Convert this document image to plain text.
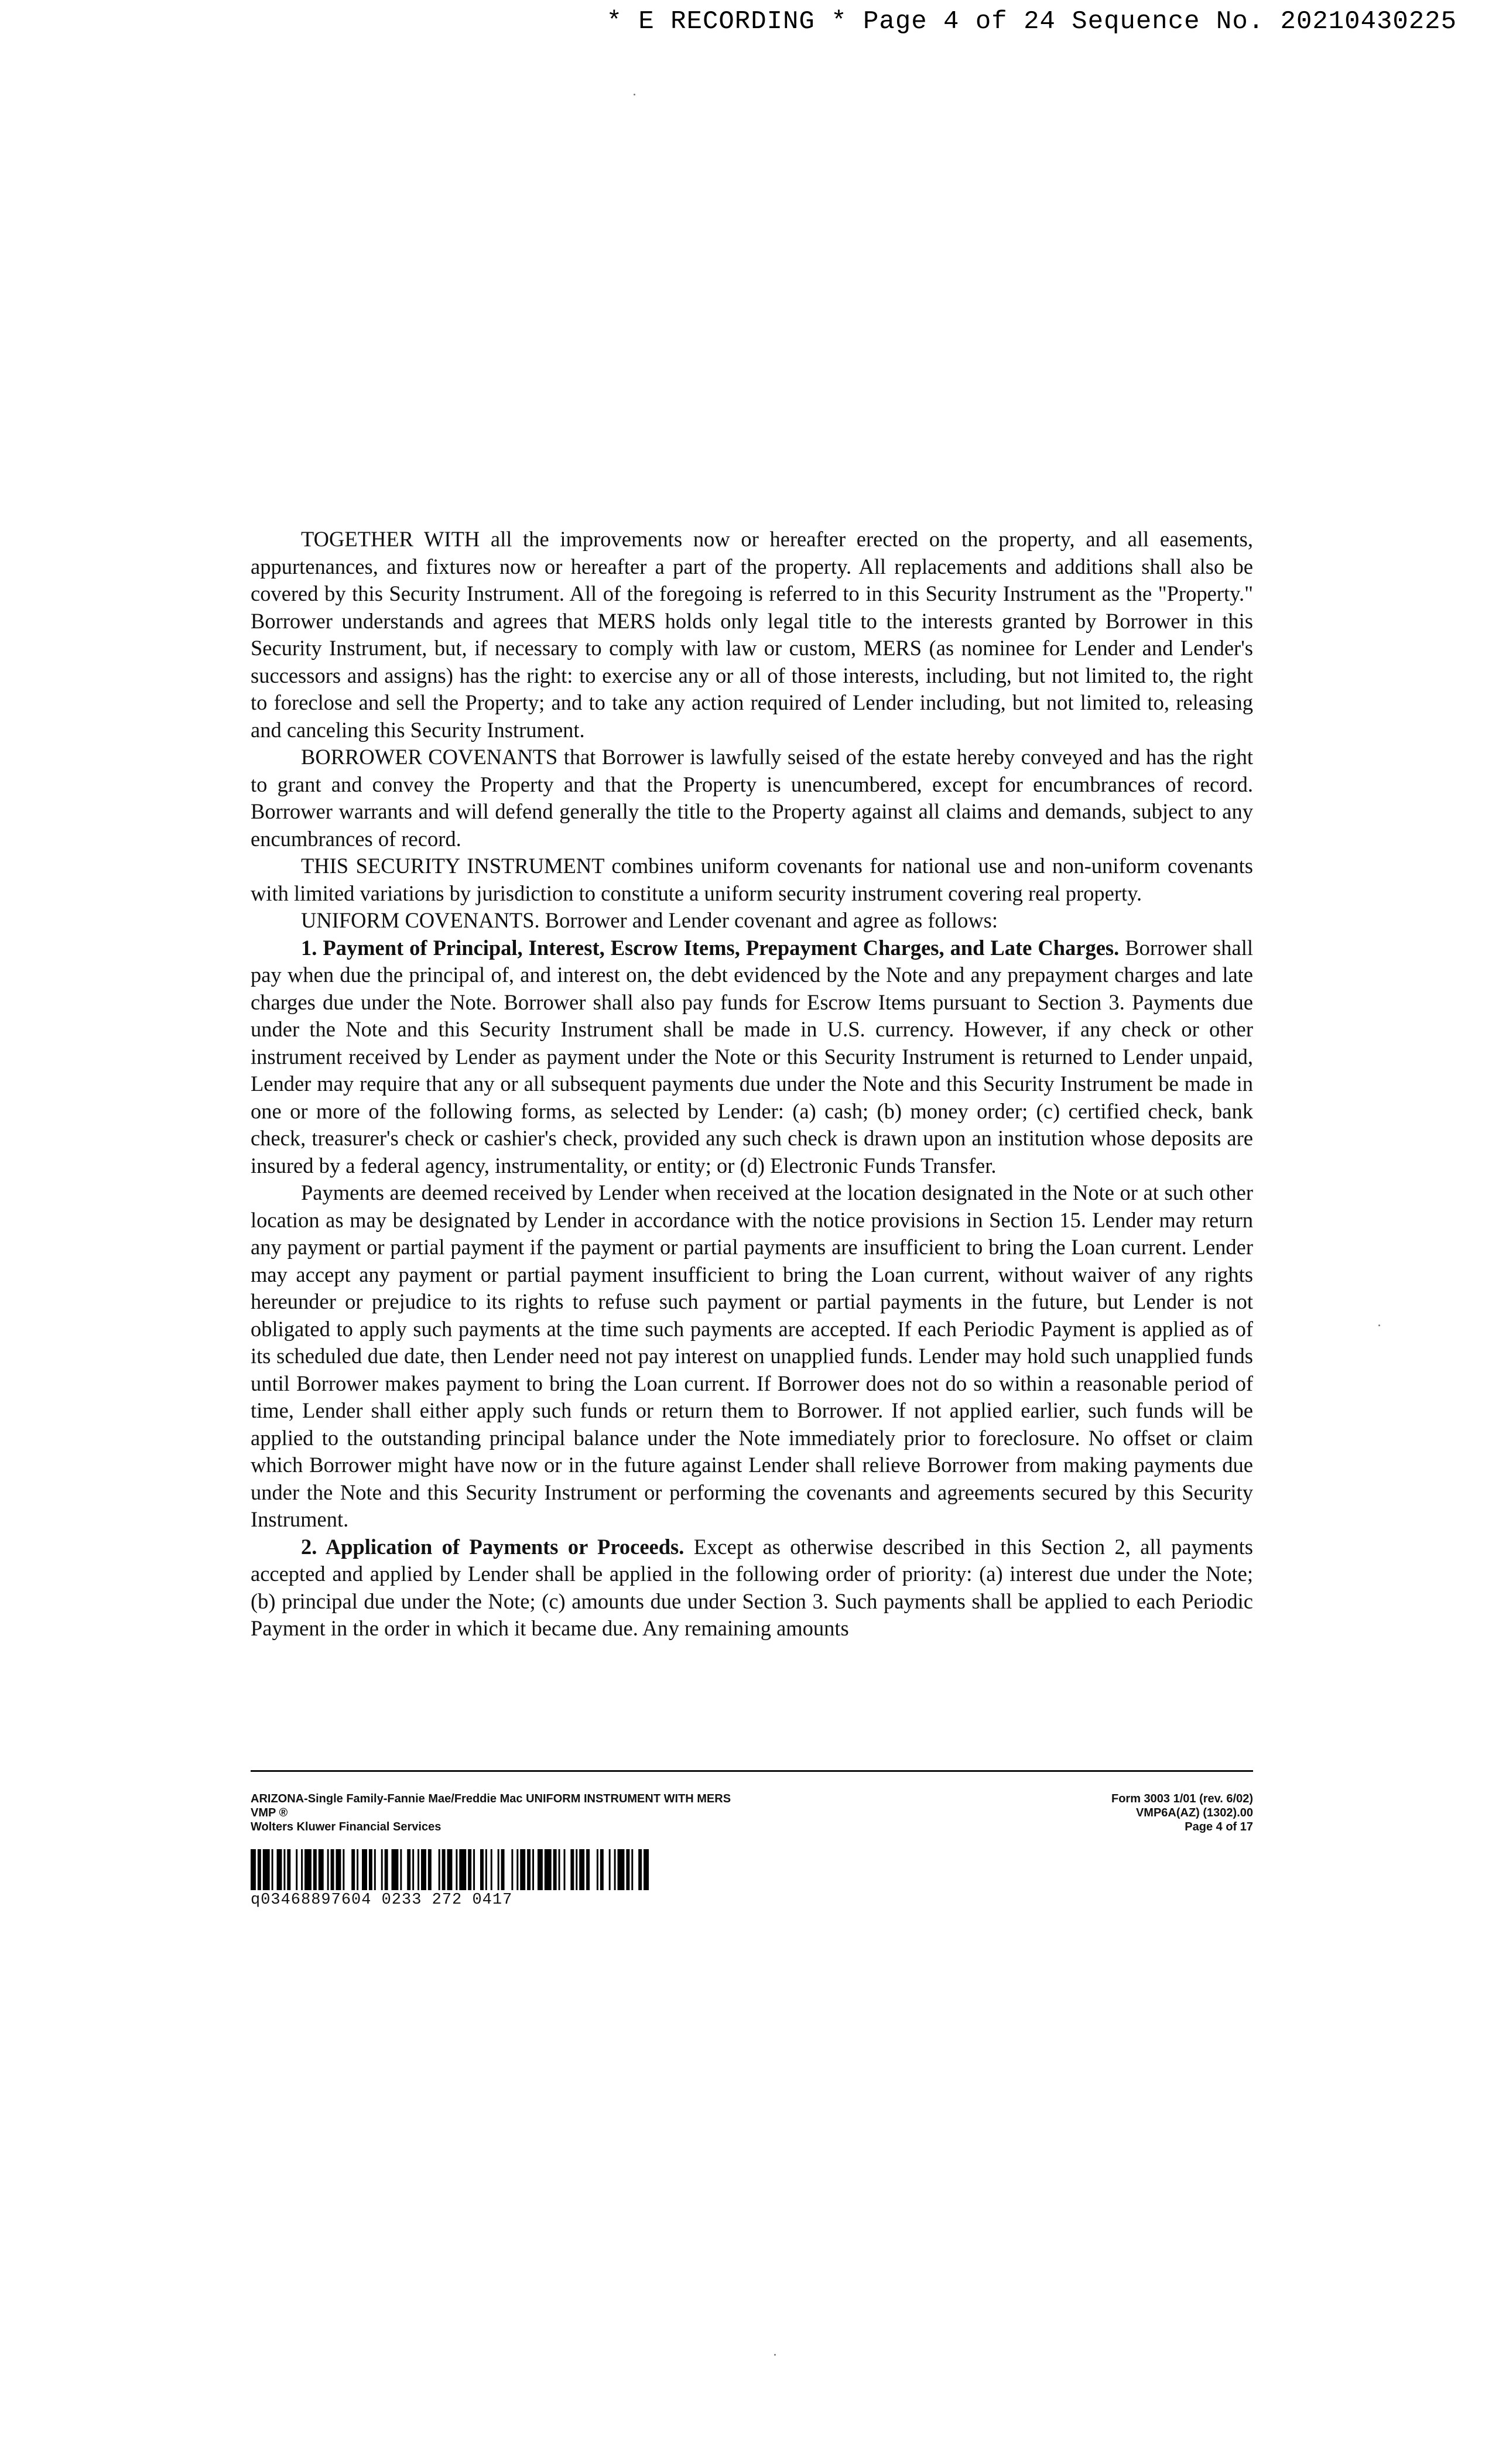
* E RECORDING * Page 4 of 24 Sequence No. 20210430225

TOGETHER WITH all the improvements now or hereafter erected on the property, and all easements, appurtenances, and fixtures now or hereafter a part of the property. All replacements and additions shall also be covered by this Security Instrument. All of the foregoing is referred to in this Security Instrument as the "Property." Borrower understands and agrees that MERS holds only legal title to the interests granted by Borrower in this Security Instrument, but, if necessary to comply with law or custom, MERS (as nominee for Lender and Lender's successors and assigns) has the right: to exercise any or all of those interests, including, but not limited to, the right to foreclose and sell the Property; and to take any action required of Lender including, but not limited to, releasing and canceling this Security Instrument.

BORROWER COVENANTS that Borrower is lawfully seised of the estate hereby conveyed and has the right to grant and convey the Property and that the Property is unencumbered, except for encumbrances of record. Borrower warrants and will defend generally the title to the Property against all claims and demands, subject to any encumbrances of record.

THIS SECURITY INSTRUMENT combines uniform covenants for national use and non-uniform covenants with limited variations by jurisdiction to constitute a uniform security instrument covering real property.

UNIFORM COVENANTS. Borrower and Lender covenant and agree as follows:

1. Payment of Principal, Interest, Escrow Items, Prepayment Charges, and Late Charges. Borrower shall pay when due the principal of, and interest on, the debt evidenced by the Note and any prepayment charges and late charges due under the Note. Borrower shall also pay funds for Escrow Items pursuant to Section 3. Payments due under the Note and this Security Instrument shall be made in U.S. currency. However, if any check or other instrument received by Lender as payment under the Note or this Security Instrument is returned to Lender unpaid, Lender may require that any or all subsequent payments due under the Note and this Security Instrument be made in one or more of the following forms, as selected by Lender: (a) cash; (b) money order; (c) certified check, bank check, treasurer's check or cashier's check, provided any such check is drawn upon an institution whose deposits are insured by a federal agency, instrumentality, or entity; or (d) Electronic Funds Transfer.

Payments are deemed received by Lender when received at the location designated in the Note or at such other location as may be designated by Lender in accordance with the notice provisions in Section 15. Lender may return any payment or partial payment if the payment or partial payments are insufficient to bring the Loan current. Lender may accept any payment or partial payment insufficient to bring the Loan current, without waiver of any rights hereunder or prejudice to its rights to refuse such payment or partial payments in the future, but Lender is not obligated to apply such payments at the time such payments are accepted. If each Periodic Payment is applied as of its scheduled due date, then Lender need not pay interest on unapplied funds. Lender may hold such unapplied funds until Borrower makes payment to bring the Loan current. If Borrower does not do so within a reasonable period of time, Lender shall either apply such funds or return them to Borrower. If not applied earlier, such funds will be applied to the outstanding principal balance under the Note immediately prior to foreclosure. No offset or claim which Borrower might have now or in the future against Lender shall relieve Borrower from making payments due under the Note and this Security Instrument or performing the covenants and agreements secured by this Security Instrument.

2. Application of Payments or Proceeds. Except as otherwise described in this Section 2, all payments accepted and applied by Lender shall be applied in the following order of priority: (a) interest due under the Note; (b) principal due under the Note; (c) amounts due under Section 3. Such payments shall be applied to each Periodic Payment in the order in which it became due. Any remaining amounts

ARIZONA-Single Family-Fannie Mae/Freddie Mac UNIFORM INSTRUMENT WITH MERS
VMP ®
Wolters Kluwer Financial Services
Form 3003 1/01 (rev. 6/02)
VMP6A(AZ) (1302).00
Page 4 of 17
q03468897604 0233 272 0417
